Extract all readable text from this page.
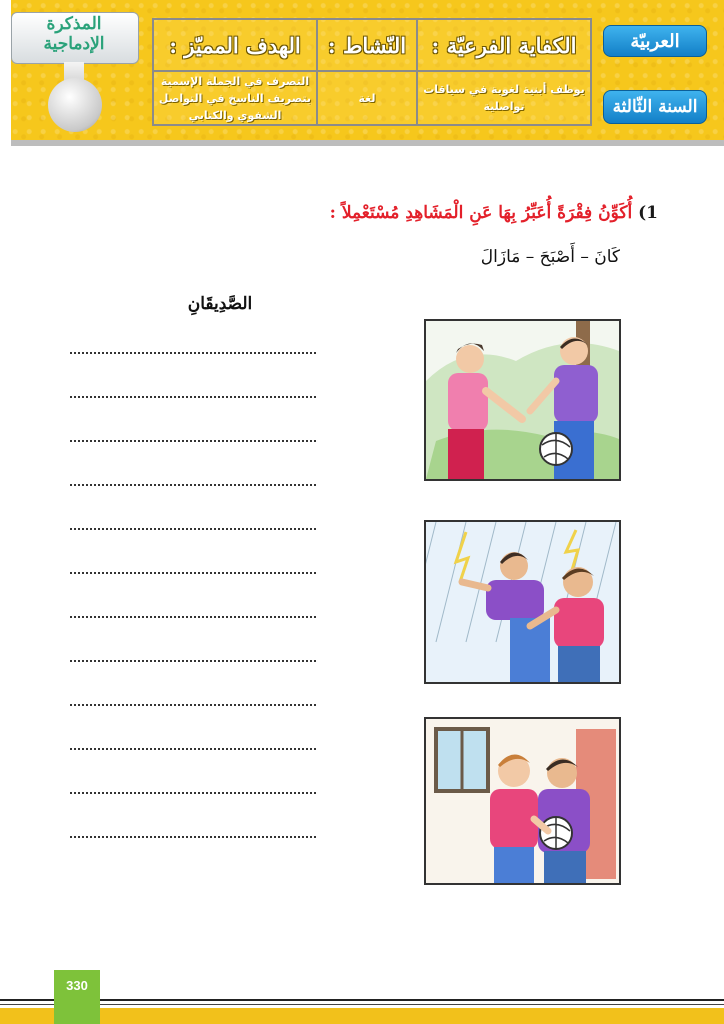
المذكرة الإدماجية	الكفاية الفرعيّة :
يوظف أبنية لغوية في سياقات تواصلية
النّشاط :
لغة
الهدف المميّز :
التصرف في الجملة الإسمية بتصريف الناسخ في التواصل الشفوي والكتابي
العربيّة
السنة الثّالثة
1) أُكَوِّنُ فِقْرَةً أُعَبِّرُ بِهَا عَنِ الْمَشَاهِدِ مُسْتَعْمِلاً :
كَانَ – أَصْبَحَ – مَازَالَ
الصَّدِيقَانِ
330
